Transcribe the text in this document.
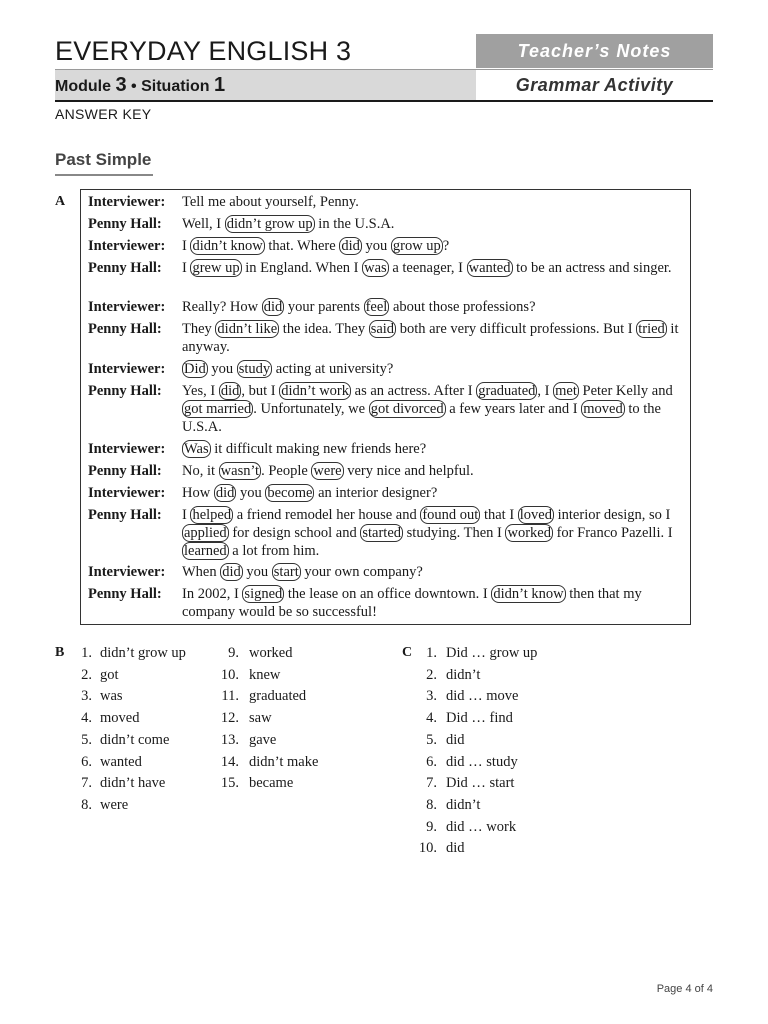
EVERYDAY ENGLISH 3	Teacher’s Notes
Module 3 • Situation 1	Grammar Activity
ANSWER KEY
Past Simple
A Interviewer: Tell me about yourself, Penny.
Penny Hall: Well, I didn’t grow up in the U.S.A.
Interviewer: I didn’t know that. Where did you grow up ?
Penny Hall: I grew up in England. When I was a teenager, I wanted to be an actress and singer.
Interviewer: Really? How did your parents feel about those professions?
Penny Hall: They didn’t like the idea. They said both are very difficult professions. But I tried it anyway.
Interviewer: Did you study acting at university?
Penny Hall: Yes, I did , but I didn’t work as an actress. After I graduated , I met Peter Kelly and got married . Unfortunately, we got divorced a few years later and I moved to the U.S.A.
Interviewer: Was it difficult making new friends here?
Penny Hall: No, it wasn’t . People were very nice and helpful.
Interviewer: How did you become an interior designer?
Penny Hall: I helped a friend remodel her house and found out that I loved interior design, so I applied for design school and started studying. Then I worked for Franco Pazelli. I learned a lot from him.
Interviewer: When did you start your own company?
Penny Hall: In 2002, I signed the lease on an office downtown. I didn’t know then that my company would be so successful!
B	1. didn’t grow up
2. got
3. was
4. moved
5. didn’t come
6. wanted
7. didn’t have
8. were
9. worked
10. knew
11. graduated
12. saw
13. gave
14. didn’t make
15. became
C 1. Did … grow up
2. didn’t
3. did … move
4. Did … find
5. did
6. did … study
7. Did … start
8. didn’t
9. did … work
10. did
Page 4 of 4
